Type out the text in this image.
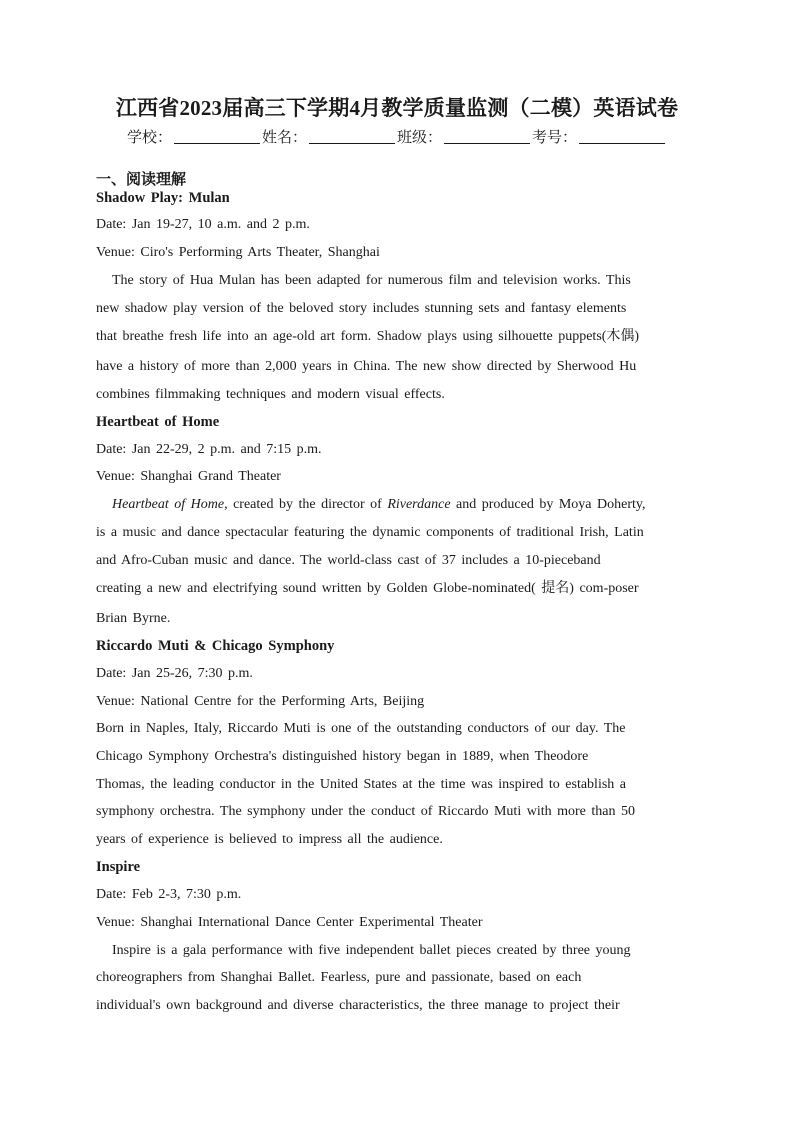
江西省2023届高三下学期4月教学质量监测（二模）英语试卷
学校：	姓名：	班级：	考号：
一、阅读理解
Shadow Play: Mulan
Date: Jan 19-27, 10 a.m. and 2 p.m.
Venue: Ciro's Performing Arts Theater, Shanghai
The story of Hua Mulan has been adapted for numerous film and television works. This
new shadow play version of the beloved story includes stunning sets and fantasy elements
that breathe fresh life into an age-old art form. Shadow plays using silhouette puppets(木偶)
have a history of more than 2,000 years in China. The new show directed by Sherwood Hu
combines filmmaking techniques and modern visual effects.
Heartbeat of Home
Date: Jan 22-29, 2 p.m. and 7:15 p.m.
Venue: Shanghai Grand Theater
Heartbeat of Home, created by the director of Riverdance and produced by Moya Doherty,
is a music and dance spectacular featuring the dynamic components of traditional Irish, Latin
and Afro-Cuban music and dance. The world-class cast of 37 includes a 10-pieceband
creating a new and electrifying sound written by Golden Globe-nominated( 提名) com-poser
Brian Byrne.
Riccardo Muti & Chicago Symphony
Date: Jan 25-26, 7:30 p.m.
Venue: National Centre for the Performing Arts, Beijing
Born in Naples, Italy, Riccardo Muti is one of the outstanding conductors of our day. The
Chicago Symphony Orchestra's distinguished history began in 1889, when Theodore
Thomas, the leading conductor in the United States at the time was inspired to establish a
symphony orchestra. The symphony under the conduct of Riccardo Muti with more than 50
years of experience is believed to impress all the audience.
Inspire
Date: Feb 2-3, 7:30 p.m.
Venue: Shanghai International Dance Center Experimental Theater
Inspire is a gala performance with five independent ballet pieces created by three young
choreographers from Shanghai Ballet. Fearless, pure and passionate, based on each
individual's own background and diverse characteristics, the three manage to project their
